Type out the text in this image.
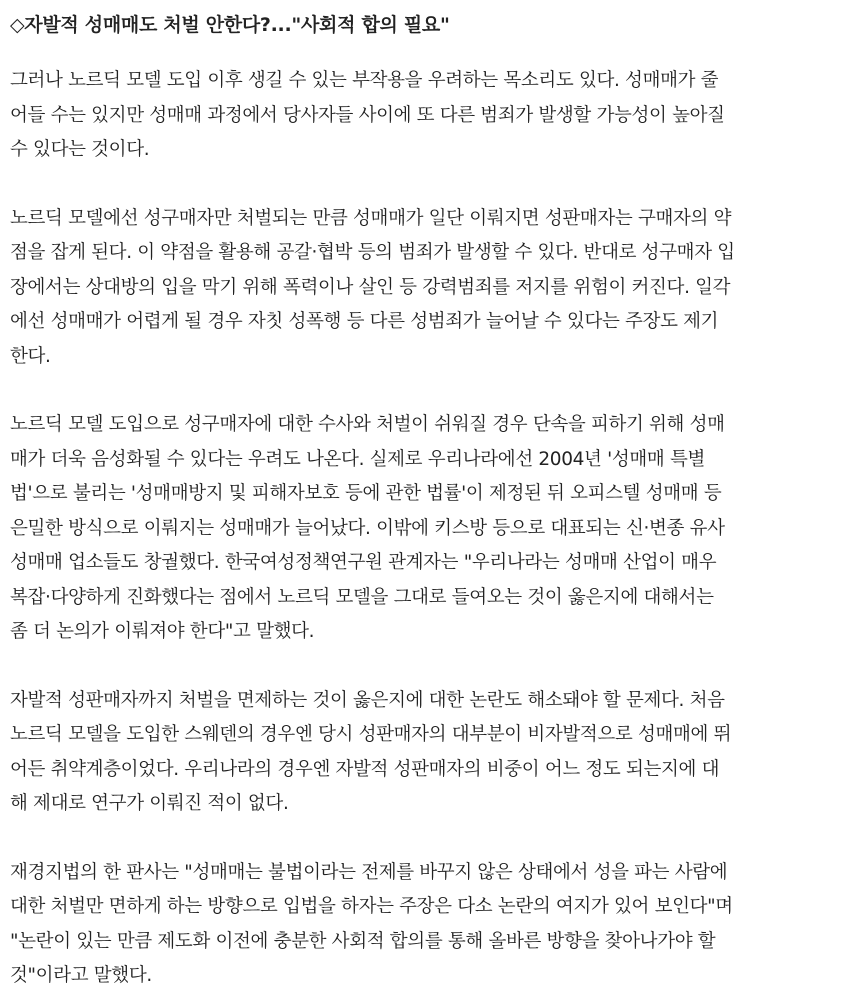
◇자발적 성매매도 처벌 안한다?..."사회적 합의 필요"
그러나 노르딕 모델 도입 이후 생길 수 있는 부작용을 우려하는 목소리도 있다. 성매매가 줄
어들 수는 있지만 성매매 과정에서 당사자들 사이에 또 다른 범죄가 발생할 가능성이 높아질
수 있다는 것이다.
노르딕 모델에선 성구매자만 처벌되는 만큼 성매매가 일단 이뤄지면 성판매자는 구매자의 약
점을 잡게 된다. 이 약점을 활용해 공갈·협박 등의 범죄가 발생할 수 있다. 반대로 성구매자 입
장에서는 상대방의 입을 막기 위해 폭력이나 살인 등 강력범죄를 저지를 위험이 커진다. 일각
에선 성매매가 어렵게 될 경우 자칫 성폭행 등 다른 성범죄가 늘어날 수 있다는 주장도 제기
한다.
노르딕 모델 도입으로 성구매자에 대한 수사와 처벌이 쉬워질 경우 단속을 피하기 위해 성매
매가 더욱 음성화될 수 있다는 우려도 나온다. 실제로 우리나라에선 2004년 '성매매 특별
법'으로 불리는 '성매매방지 및 피해자보호 등에 관한 법률'이 제정된 뒤 오피스텔 성매매 등
은밀한 방식으로 이뤄지는 성매매가 늘어났다. 이밖에 키스방 등으로 대표되는 신·변종 유사
성매매 업소들도 창궐했다. 한국여성정책연구원 관계자는 "우리나라는 성매매 산업이 매우
복잡·다양하게 진화했다는 점에서 노르딕 모델을 그대로 들여오는 것이 옳은지에 대해서는
좀 더 논의가 이뤄져야 한다"고 말했다.
자발적 성판매자까지 처벌을 면제하는 것이 옳은지에 대한 논란도 해소돼야 할 문제다. 처음
노르딕 모델을 도입한 스웨덴의 경우엔 당시 성판매자의 대부분이 비자발적으로 성매매에 뛰
어든 취약계층이었다. 우리나라의 경우엔 자발적 성판매자의 비중이 어느 정도 되는지에 대
해 제대로 연구가 이뤄진 적이 없다.
재경지법의 한 판사는 "성매매는 불법이라는 전제를 바꾸지 않은 상태에서 성을 파는 사람에
대한 처벌만 면하게 하는 방향으로 입법을 하자는 주장은 다소 논란의 여지가 있어 보인다"며
"논란이 있는 만큼 제도화 이전에 충분한 사회적 합의를 통해 올바른 방향을 찾아나가야 할
것"이라고 말했다.
